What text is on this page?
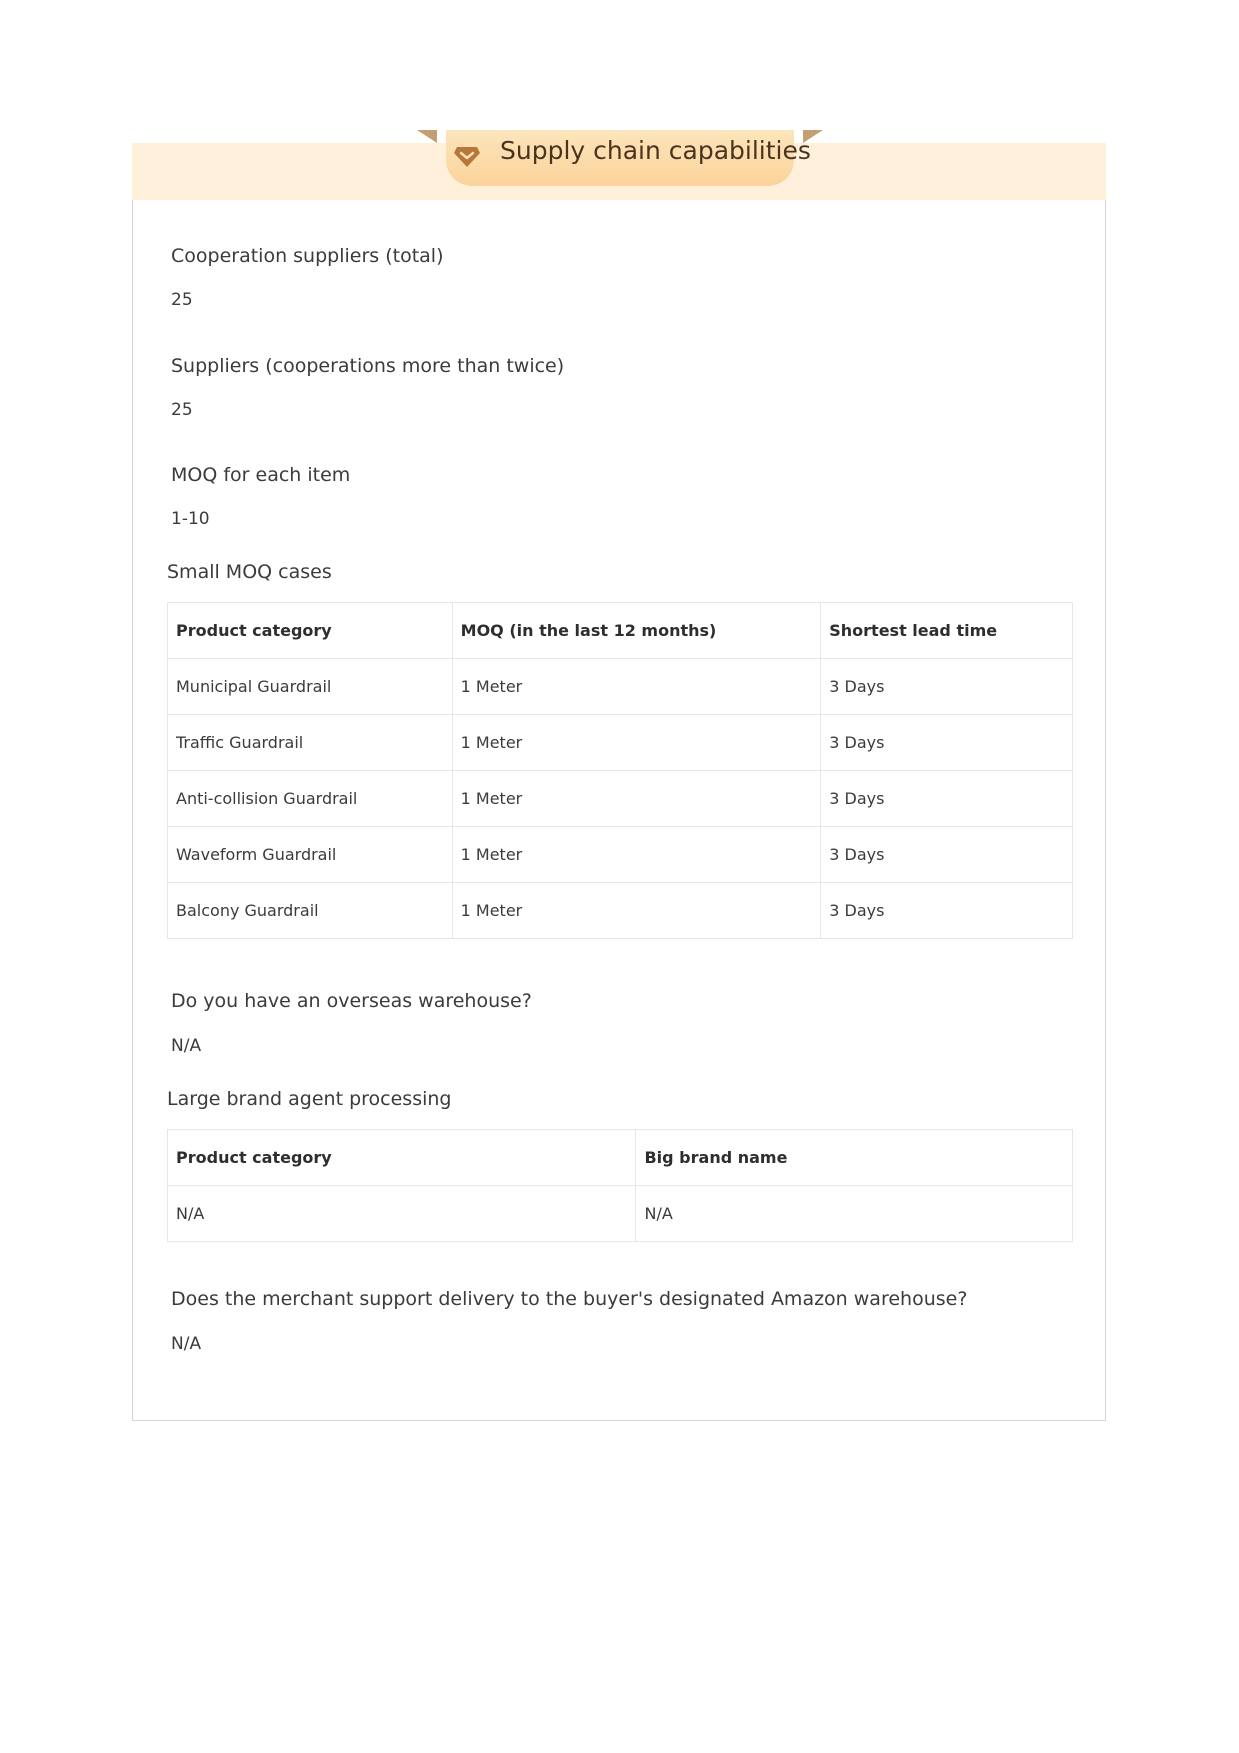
Supply chain capabilities
Cooperation suppliers (total)
25
Suppliers (cooperations more than twice)
25
MOQ for each item
1-10
Small MOQ cases
Product category	MOQ (in the last 12 months)	Shortest lead time
Municipal Guardrail	1 Meter	3 Days
Traffic Guardrail	1 Meter	3 Days
Anti-collision Guardrail	1 Meter	3 Days
Waveform Guardrail	1 Meter	3 Days
Balcony Guardrail	1 Meter	3 Days
Do you have an overseas warehouse?
N/A
Large brand agent processing
Product category	Big brand name
N/A	N/A
Does the merchant support delivery to the buyer's designated Amazon warehouse?
N/A
